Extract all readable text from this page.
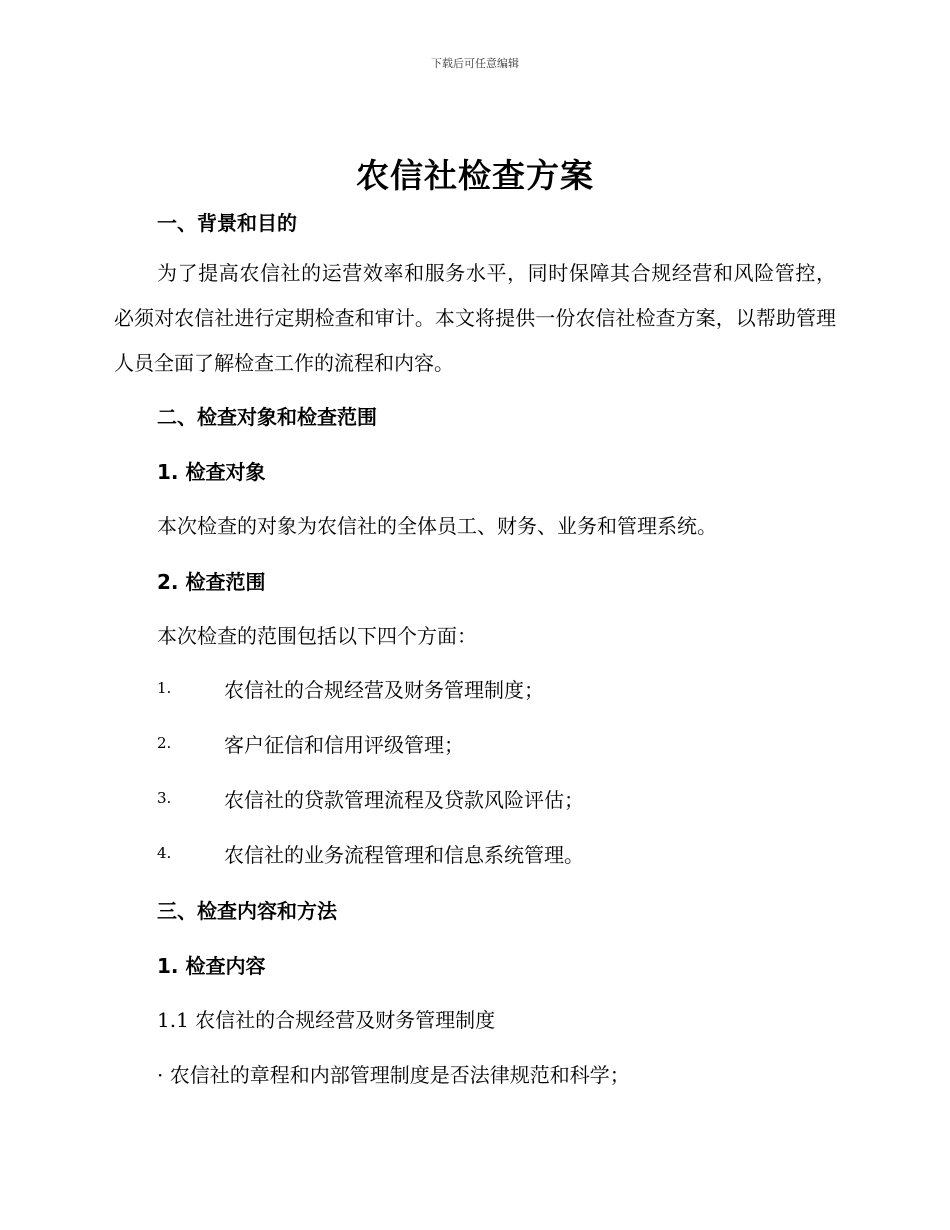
下载后可任意编辑
农信社检查方案
一、背景和目的
为了提高农信社的运营效率和服务水平，同时保障其合规经营和风险管控，必须对农信社进行定期检查和审计。本文将提供一份农信社检查方案，以帮助管理人员全面了解检查工作的流程和内容。
二、检查对象和检查范围
1. 检查对象
本次检查的对象为农信社的全体员工、财务、业务和管理系统。
2. 检查范围
本次检查的范围包括以下四个方面：
1.	农信社的合规经营及财务管理制度；
2.	客户征信和信用评级管理；
3.	农信社的贷款管理流程及贷款风险评估；
4.	农信社的业务流程管理和信息系统管理。
三、检查内容和方法
1. 检查内容
1.1 农信社的合规经营及财务管理制度
· 农信社的章程和内部管理制度是否法律规范和科学；
